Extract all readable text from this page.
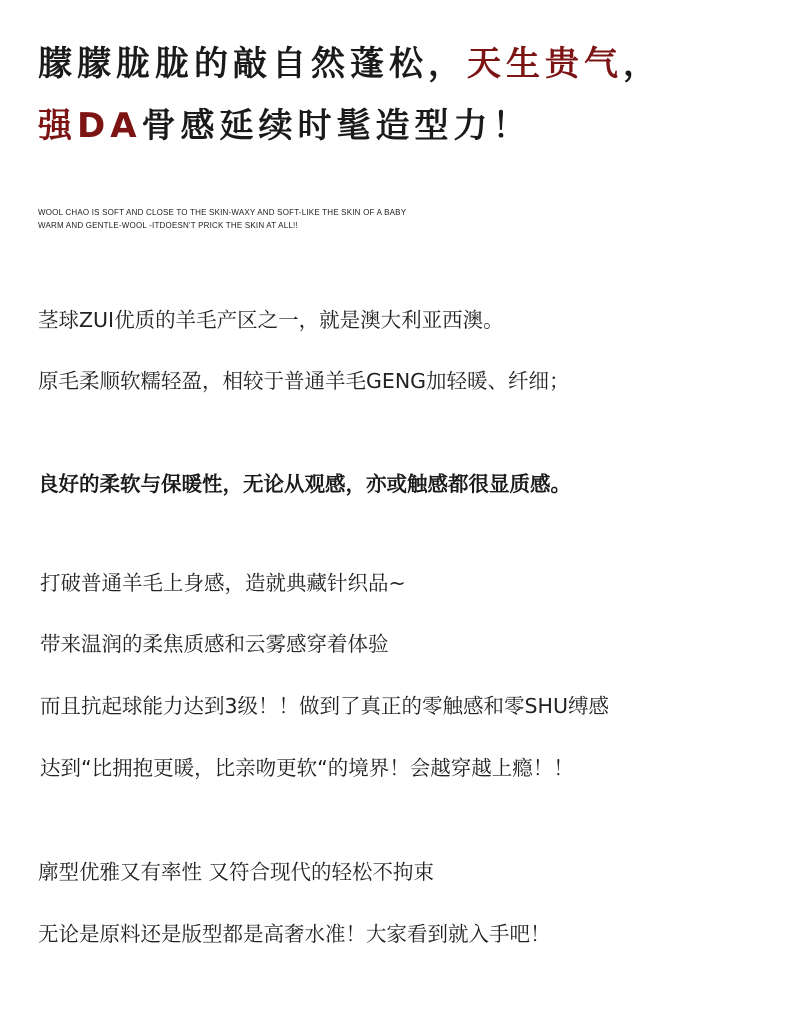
朦朦胧胧的敲自然蓬松，天生贵气，
强DA骨感延续时髦造型力！
WOOL CHAO IS SOFT AND CLOSE TO THE SKIN-WAXY AND SOFT-LIKE THE SKIN OF A BABY
WARM AND GENTLE-WOOL -ITDOESN'T PRICK THE SKIN AT ALL!!

茎球ZUI优质的羊毛产区之一，就是澳大利亚西澳。

原毛柔顺软糯轻盈，相较于普通羊毛GENG加轻暖、纤细；

良好的柔软与保暖性，无论从观感，亦或触感都很显质感。

打破普通羊毛上身感，造就典藏针织品~

带来温润的柔焦质感和云雾感穿着体验

而且抗起球能力达到3级！！做到了真正的零触感和零SHU缚感

达到“比拥抱更暖，比亲吻更软“的境界！会越穿越上瘾！！

廓型优雅又有率性 又符合现代的轻松不拘束

无论是原料还是版型都是高奢水准！大家看到就入手吧！
